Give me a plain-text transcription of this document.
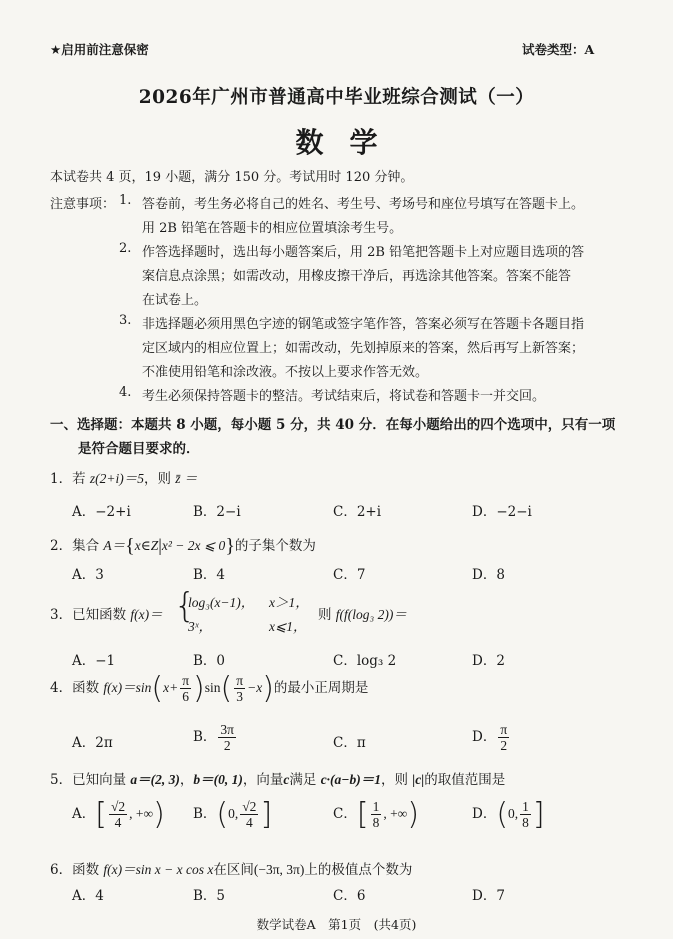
★启用前注意保密	试卷类型：A
2026年广州市普通高中毕业班综合测试（一）
数学
本试卷共 4 页，19 小题，满分 150 分。考试用时 120 分钟。
注意事项： 1. 答卷前，考生务必将自己的姓名、考生号、考场号和座位号填写在答题卡上。
用 2B 铅笔在答题卡的相应位置填涂考生号。
2. 作答选择题时，选出每小题答案后，用 2B 铅笔把答题卡上对应题目选项的答
案信息点涂黑；如需改动，用橡皮擦干净后，再选涂其他答案。答案不能答
在试卷上。
3. 非选择题必须用黑色字迹的钢笔或签字笔作答，答案必须写在答题卡各题目指
定区域内的相应位置上；如需改动，先划掉原来的答案，然后再写上新答案；
不准使用铅笔和涂改液。不按以上要求作答无效。
4. 考生必须保持答题卡的整洁。考试结束后，将试卷和答题卡一并交回。
一、选择题：本题共 8 小题，每小题 5 分，共 40 分．在每小题给出的四个选项中，只有一项
是符合题目要求的．
1．若 z(2+i)＝5，则 z̄ ＝
A．−2+i	B．2−i	C．2+i	D．−2−i
2．集合 A＝{x∈Z|x² − 2x ⩽ 0}的子集个数为
A．3	B．4	C．7	D．8
3．已知函数 f(x)＝ {
log₃(x−1)， x＞1，
3ˣ，	x⩽1，
则 f(f(log₃ 2))＝
A．−1	B．0	C．log₃ 2	D．2
4．函数 $f(x)=\sin(x+ \frac{\pi}{6} )\sin( \frac{\pi}{3} -x)$的最小正周期是
A．2π	B． $\frac{3\pi}{2}$	C．π	D． $\frac{\pi}{2}$
5．已知向量 a＝(2, 3)，b＝(0, 1)，向量c满足 c·(a−b)＝1，则 |c|的取值范围是
A．[ $\frac{√2}{4}$ , +∞) B．(0, $\frac{√2}{4}$ ]	C．[ $\frac{1}{8}$ , +∞)	D．(0, $\frac{1}{8}$ ]
6．函数 f(x)＝sin x − x cos x在区间(−3π, 3π)上的极值点个数为
A．4	B．5	C．6	D．7
数学试卷A　第1页　(共4页)
